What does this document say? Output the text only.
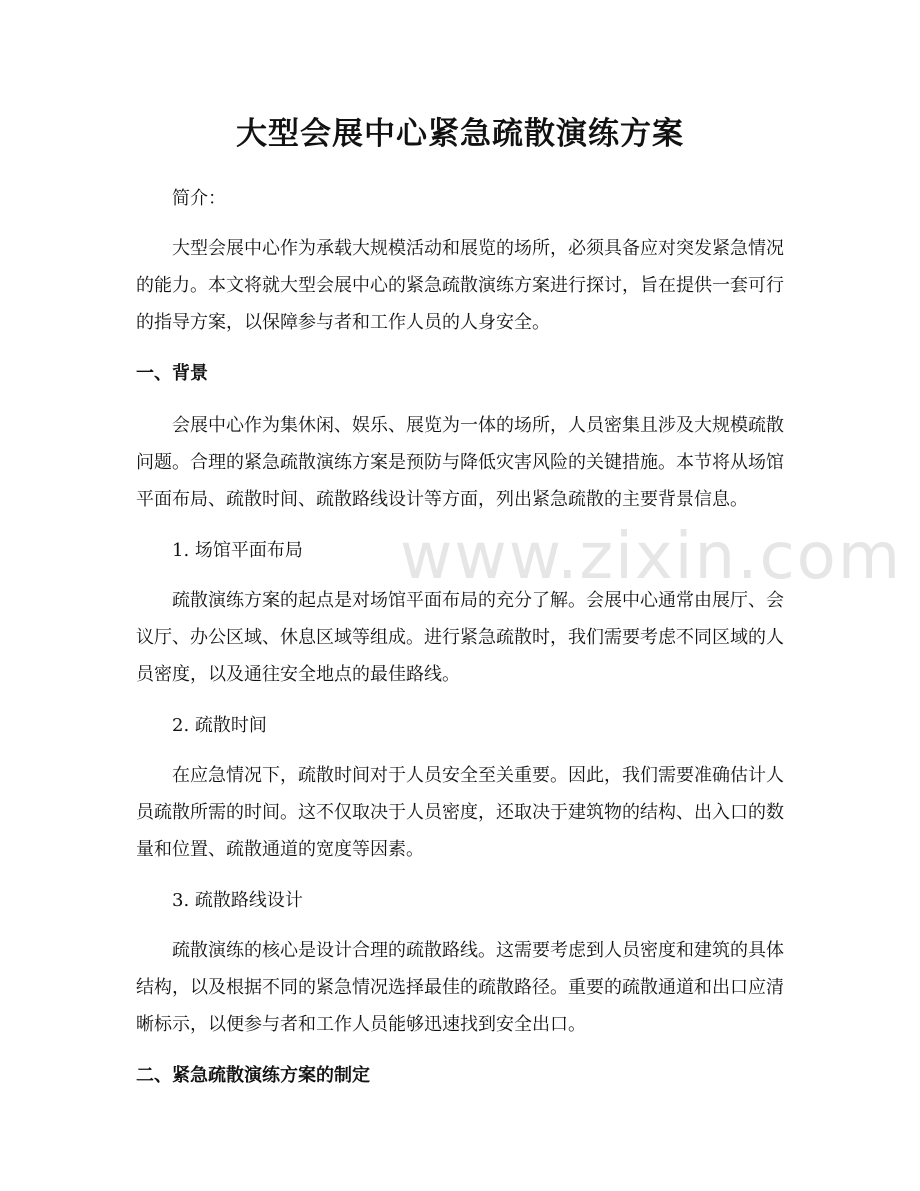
www.zixin.com
大型会展中心紧急疏散演练方案

简介：

大型会展中心作为承载大规模活动和展览的场所，必须具备应对突发紧急情况的能力。本文将就大型会展中心的紧急疏散演练方案进行探讨，旨在提供一套可行的指导方案，以保障参与者和工作人员的人身安全。

一、背景

会展中心作为集休闲、娱乐、展览为一体的场所，人员密集且涉及大规模疏散问题。合理的紧急疏散演练方案是预防与降低灾害风险的关键措施。本节将从场馆平面布局、疏散时间、疏散路线设计等方面，列出紧急疏散的主要背景信息。

1. 场馆平面布局

疏散演练方案的起点是对场馆平面布局的充分了解。会展中心通常由展厅、会议厅、办公区域、休息区域等组成。进行紧急疏散时，我们需要考虑不同区域的人员密度，以及通往安全地点的最佳路线。

2. 疏散时间

在应急情况下，疏散时间对于人员安全至关重要。因此，我们需要准确估计人员疏散所需的时间。这不仅取决于人员密度，还取决于建筑物的结构、出入口的数量和位置、疏散通道的宽度等因素。

3. 疏散路线设计

疏散演练的核心是设计合理的疏散路线。这需要考虑到人员密度和建筑的具体结构，以及根据不同的紧急情况选择最佳的疏散路径。重要的疏散通道和出口应清晰标示，以便参与者和工作人员能够迅速找到安全出口。

二、紧急疏散演练方案的制定
